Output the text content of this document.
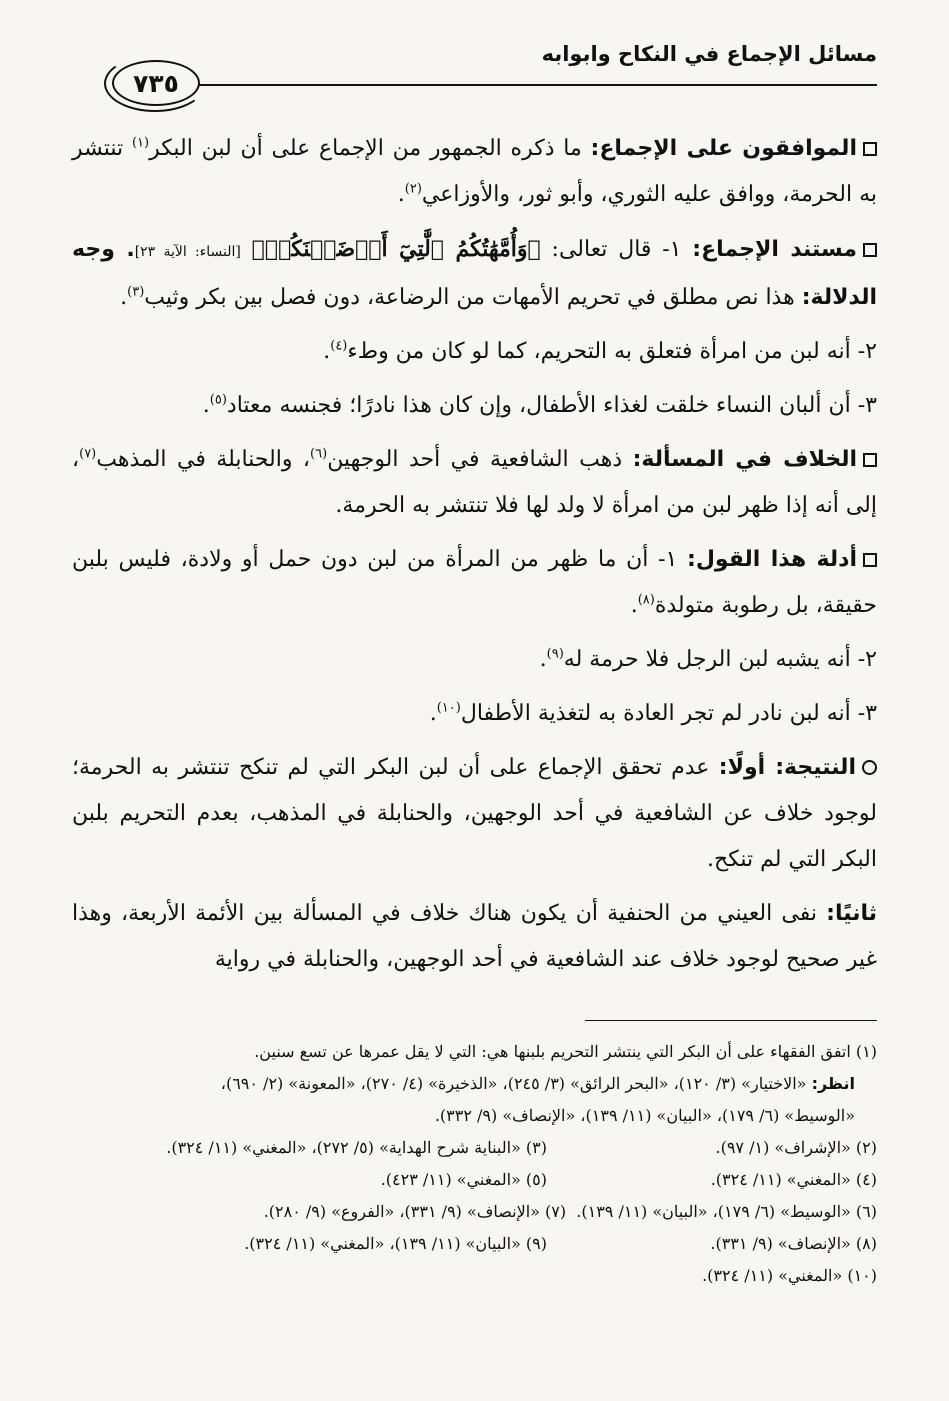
مسائل الإجماع في النكاح وابوابه
٧٣٥

الموافقون على الإجماع: ما ذكره الجمهور من الإجماع على أن لبن البكر$^{(١)}$ تنتشر به الحرمة، ووافق عليه الثوري، وأبو ثور، والأوزاعي$^{(٢)}$.

مستند الإجماع: ١- قال تعالى: ﴿وَأُمَّهَٰتُكُمُ ٱلَّٰتِيٓ أَرۡضَعۡنَكُمۡ﴾ [النساء: الآية ٢٣]. وجه الدلالة: هذا نص مطلق في تحريم الأمهات من الرضاعة، دون فصل بين بكر وثيب$^{(٣)}$.

٢- أنه لبن من امرأة فتعلق به التحريم، كما لو كان من وطء$^{(٤)}$.

٣- أن ألبان النساء خلقت لغذاء الأطفال، وإن كان هذا نادرًا؛ فجنسه معتاد$^{(٥)}$.

الخلاف في المسألة: ذهب الشافعية في أحد الوجهين$^{(٦)}$، والحنابلة في المذهب$^{(٧)}$، إلى أنه إذا ظهر لبن من امرأة لا ولد لها فلا تنتشر به الحرمة.

أدلة هذا القول: ١- أن ما ظهر من المرأة من لبن دون حمل أو ولادة، فليس بلبن حقيقة، بل رطوبة متولدة$^{(٨)}$.

٢- أنه يشبه لبن الرجل فلا حرمة له$^{(٩)}$.

٣- أنه لبن نادر لم تجر العادة به لتغذية الأطفال$^{(١٠)}$.

النتيجة: أولًا: عدم تحقق الإجماع على أن لبن البكر التي لم تنكح تنتشر به الحرمة؛ لوجود خلاف عن الشافعية في أحد الوجهين، والحنابلة في المذهب، بعدم التحريم بلبن البكر التي لم تنكح.

ثانيًا: نفى العيني من الحنفية أن يكون هناك خلاف في المسألة بين الأئمة الأربعة، وهذا غير صحيح لوجود خلاف عند الشافعية في أحد الوجهين، والحنابلة في رواية

(١) اتفق الفقهاء على أن البكر التي ينتشر التحريم بلبنها هي: التي لا يقل عمرها عن تسع سنين.

انظر: «الاختيار» (٣/ ١٢٠)، «البحر الرائق» (٣/ ٢٤٥)، «الذخيرة» (٤/ ٢٧٠)، «المعونة» (٢/ ٦٩٠)،

«الوسيط» (٦/ ١٧٩)، «البيان» (١١/ ١٣٩)، «الإنصاف» (٩/ ٣٣٢).

(٢) «الإشراف» (١/ ٩٧).
(٣) «البناية شرح الهداية» (٥/ ٢٧٢)، «المغني» (١١/ ٣٢٤).
(٤) «المغني» (١١/ ٣٢٤).
(٥) «المغني» (١١/ ٤٢٣).
(٦) «الوسيط» (٦/ ١٧٩)، «البيان» (١١/ ١٣٩).

(٧) «الإنصاف» (٩/ ٣٣١)، «الفروع» (٩/ ٢٨٠).
(٨) «الإنصاف» (٩/ ٣٣١).
(٩) «البيان» (١١/ ١٣٩)، «المغني» (١١/ ٣٢٤).

(١٠) «المغني» (١١/ ٣٢٤).
